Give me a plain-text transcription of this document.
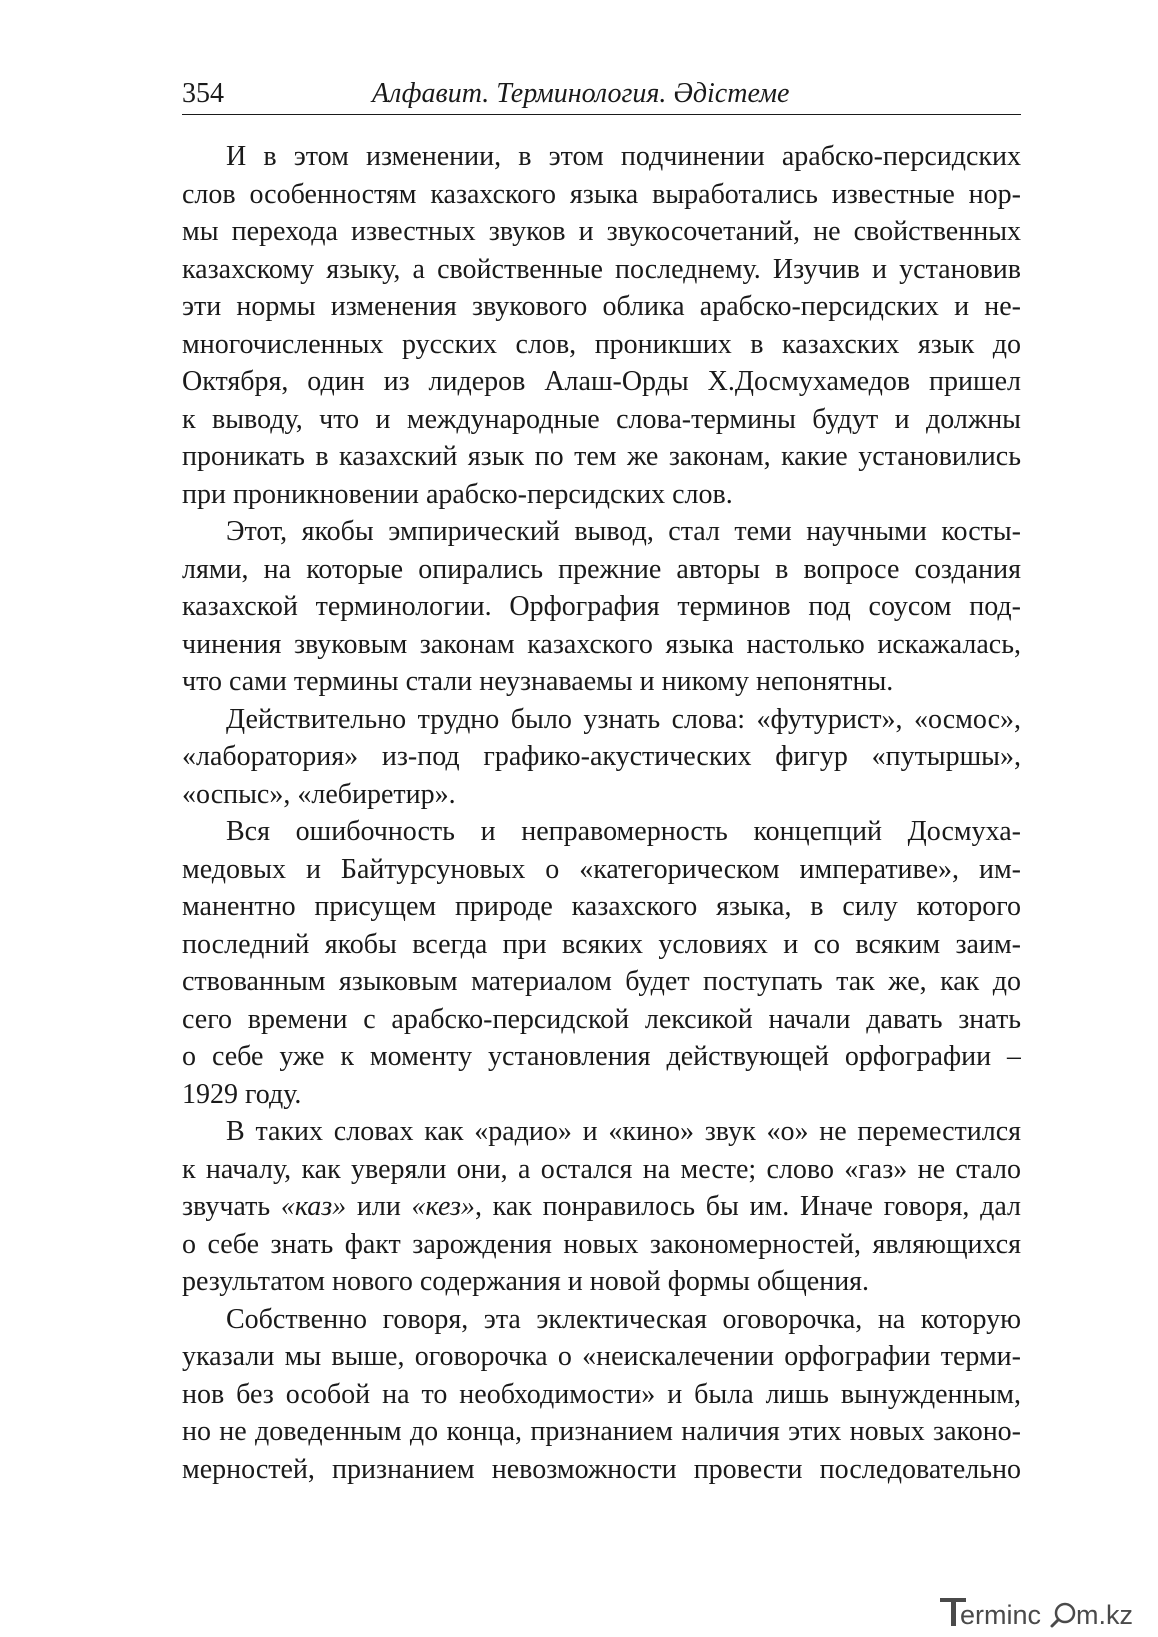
354	Алфавит. Терминология. Әдістеме
И в этом изменении, в этом подчинении арабско-персидских
слов особенностям казахского языка выработались известные нор-
мы перехода известных звуков и звукосочетаний, не свойственных
казахскому языку, а свойственные последнему. Изучив и установив
эти нормы изменения звукового облика арабско-персидских и не-
многочисленных русских слов, проникших в казахских язык до
Октября, один из лидеров Алаш-Орды Х.Досмухамедов пришел
к выводу, что и международные слова-термины будут и должны
проникать в казахский язык по тем же законам, какие установились
при проникновении арабско-персидских слов.
Этот, якобы эмпирический вывод, стал теми научными косты-
лями, на которые опирались прежние авторы в вопросе создания
казахской терминологии. Орфография терминов под соусом под-
чинения звуковым законам казахского языка настолько искажалась,
что сами термины стали неузнаваемы и никому непонятны.
Действительно трудно было узнать слова: «футурист», «осмос»,
«лаборатория» из-под графико-акустических фигур «путыршы»,
«оспыс», «лебиретир».
Вся ошибочность и неправомерность концепций Досмуха-
медовых и Байтурсуновых о «категорическом императиве», им-
манентно присущем природе казахского языка, в силу которого
последний якобы всегда при всяких условиях и со всяким заим-
ствованным языковым материалом будет поступать так же, как до
сего времени с арабско-персидской лексикой начали давать знать
о себе уже к моменту установления действующей орфографии –
1929 году.
В таких словах как «радио» и «кино» звук «о» не переместился
к началу, как уверяли они, а остался на месте; слово «газ» не стало
звучать «каз» или «кез», как понравилось бы им. Иначе говоря, дал
о себе знать факт зарождения новых закономерностей, являющихся
результатом нового содержания и новой формы общения.
Собственно говоря, эта эклектическая оговорочка, на которую
указали мы выше, оговорочка о «неискалечении орфографии терми-
нов без особой на то необходимости» и была лишь вынужденным,
но не доведенным до конца, признанием наличия этих новых законо-
мерностей, признанием невозможности провести последовательно
erminc m.kz
